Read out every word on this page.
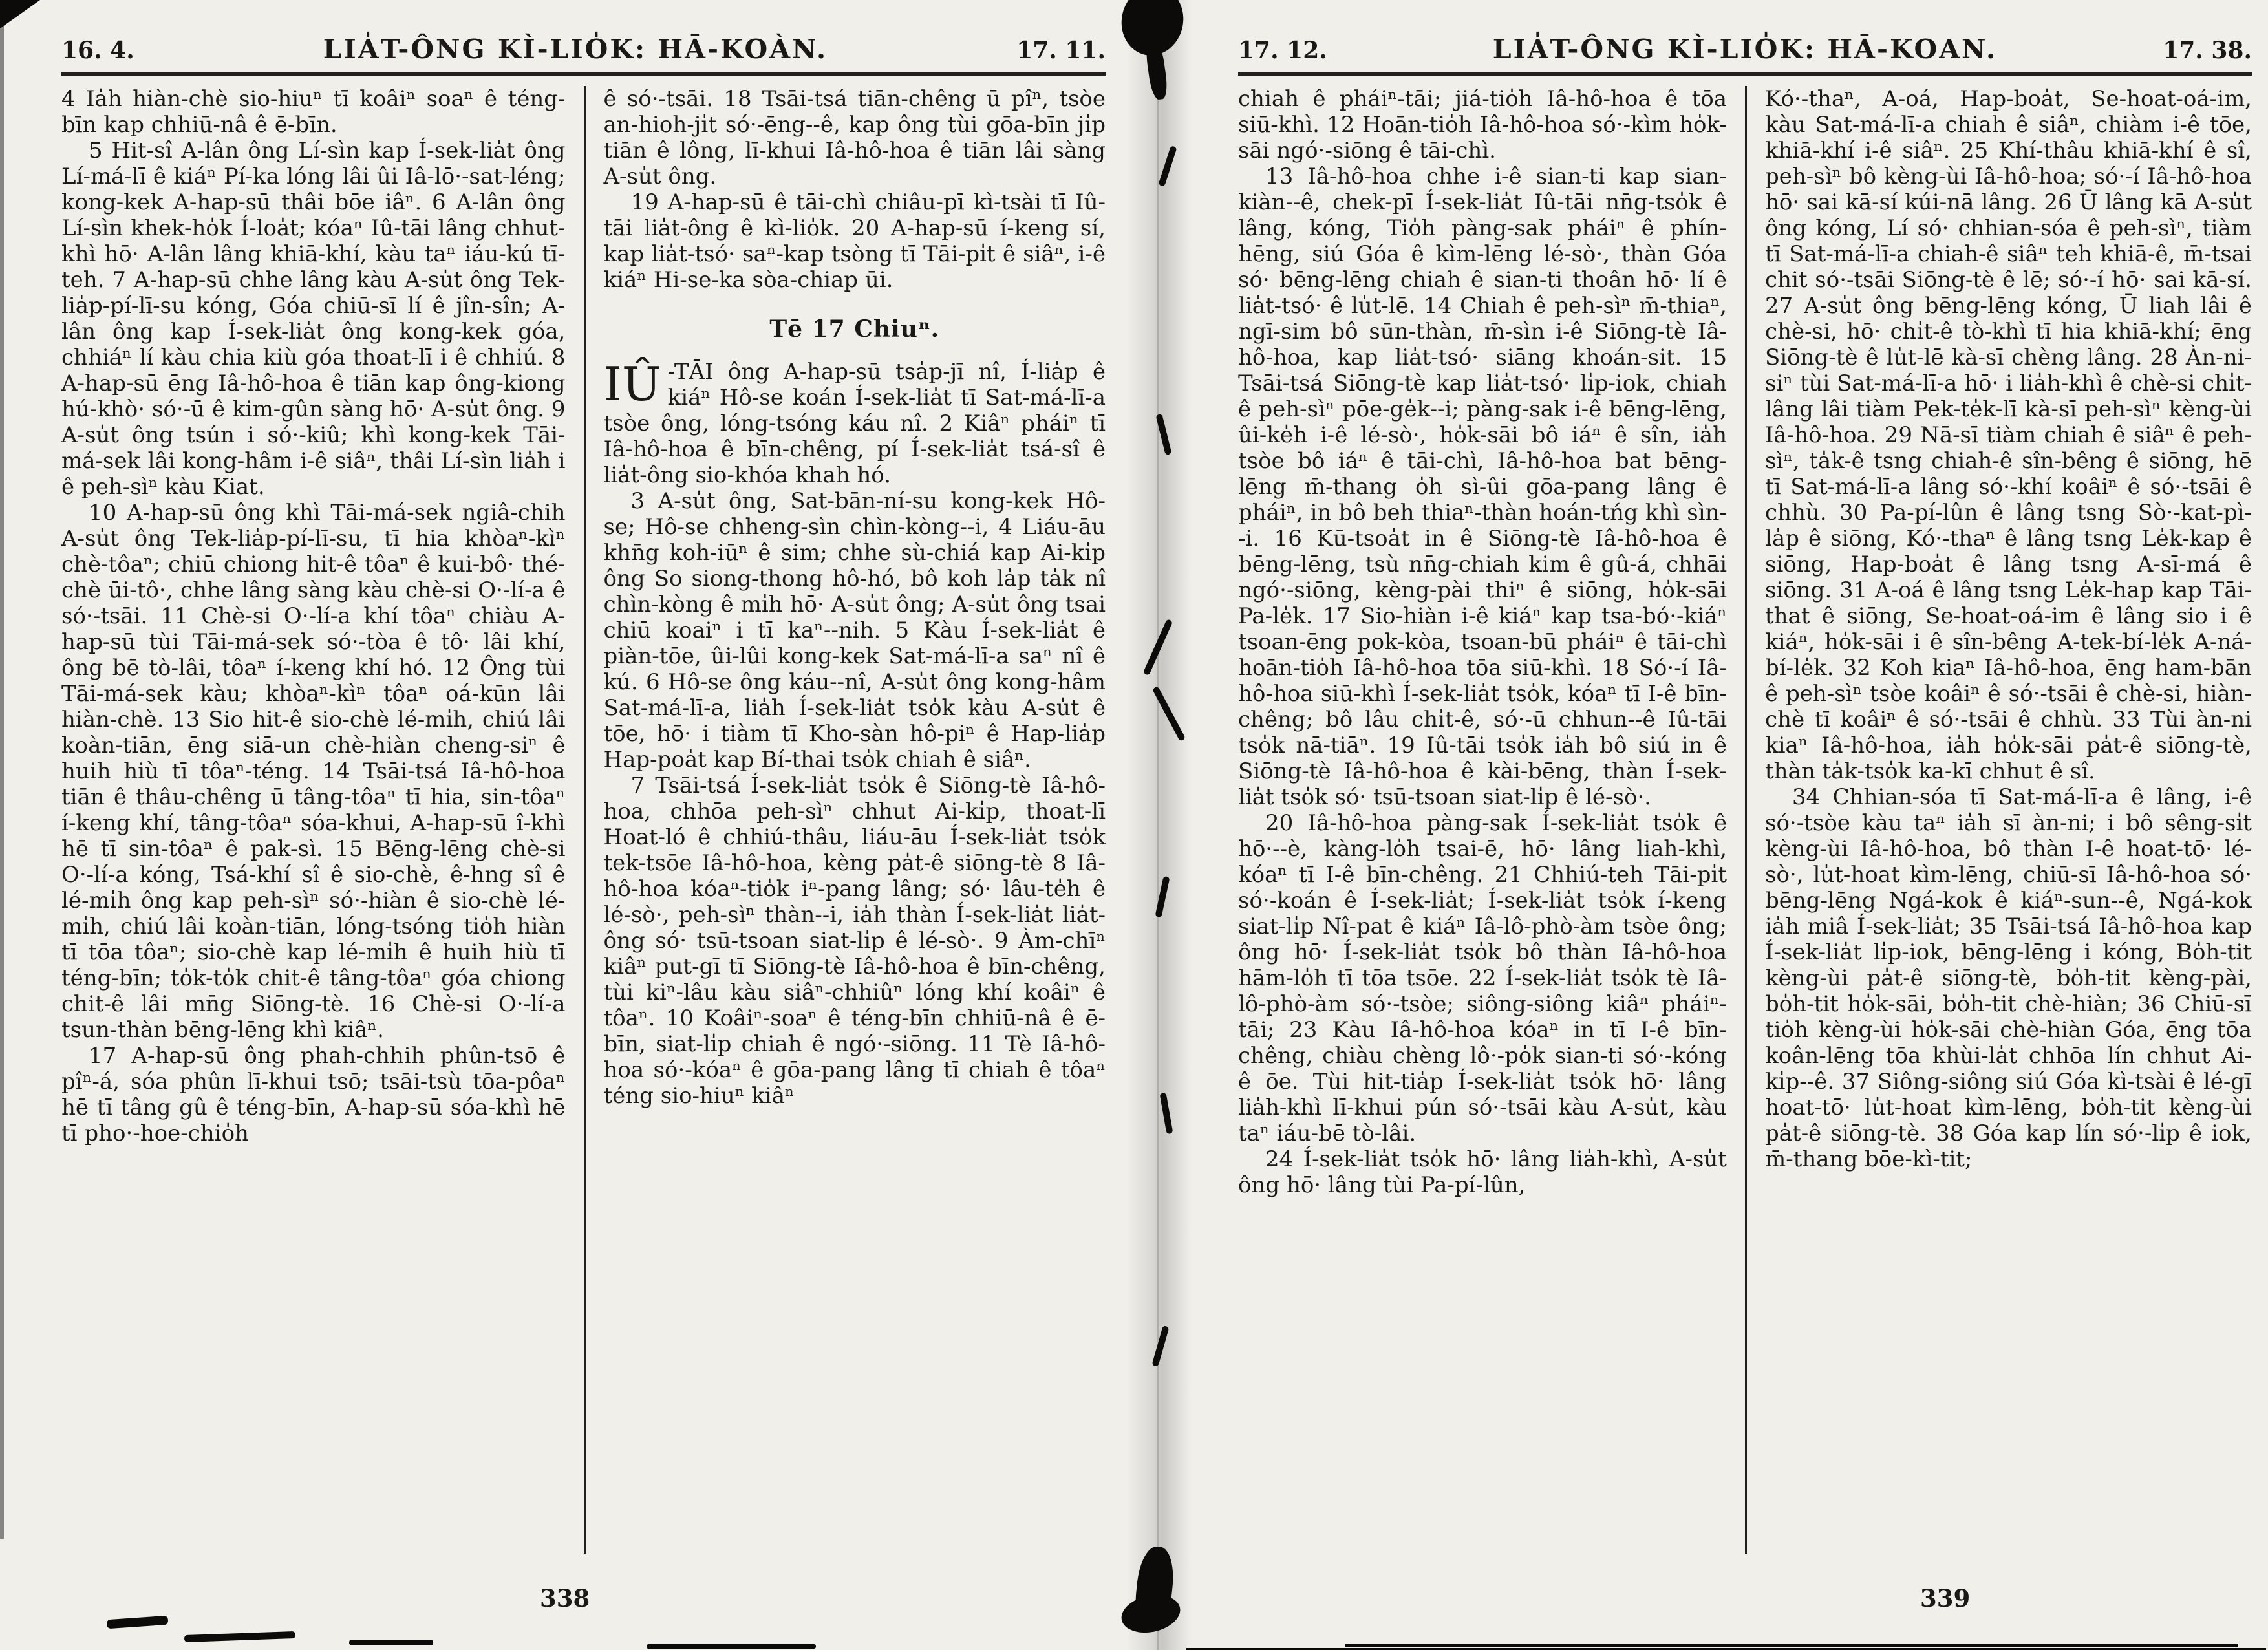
16. 4.	LIA̍T-ÔNG KÌ-LIO̍K: HĀ-KOÀN.	17. 11.

4 Ia̍h hiàn-chè sio-hiuⁿ tī koâiⁿ soaⁿ ê téng-bīn kap chhiū-nâ ê ē-bīn.

5 Hit-sî A-lân ông Lí-sìn kap Í-sek-lia̍t ông Lí-má-lī ê kiáⁿ Pí-ka lóng lâi ûi Iâ-lō·-sat-léng; kong-kek A-hap-sū thâi bōe iâⁿ. 6 A-lân ông Lí-sìn khek-ho̍k Í-loa̍t; kóaⁿ Iû-tāi lâng chhut-khì hō· A-lân lâng khiā-khí, kàu taⁿ iáu-kú tī-teh. 7 A-hap-sū chhe lâng kàu A-su̍t ông Tek-lia̍p-pí-lī-su kóng, Góa chiū-sī lí ê jîn-sîn; A-lân ông kap Í-sek-lia̍t ông kong-kek góa, chhiáⁿ lí kàu chia kiù góa thoat-lī i ê chhiú. 8 A-hap-sū ēng Iâ-hô-hoa ê tiān kap ông-kiong hú-khò· só·-ū ê kim-gûn sàng hō· A-su̍t ông. 9 A-su̍t ông tsún i só·-kiû; khì kong-kek Tāi-má-sek lâi kong-hâm i-ê siâⁿ, thâi Lí-sìn lia̍h i ê peh-sìⁿ kàu Kiat.

10 A-hap-sū ông khì Tāi-má-sek ngiâ-chih A-su̍t ông Tek-lia̍p-pí-lī-su, tī hia khòaⁿ-kìⁿ chè-tôaⁿ; chiū chiong hit-ê tôaⁿ ê kui-bô· thé-chè ūi-tô·, chhe lâng sàng kàu chè-si O·-lí-a ê só·-tsāi. 11 Chè-si O·-lí-a khí tôaⁿ chiàu A-hap-sū tùi Tāi-má-sek só·-tòa ê tô· lâi khí, ông bē tò-lâi, tôaⁿ í-keng khí hó. 12 Ông tùi Tāi-má-sek kàu; khòaⁿ-kìⁿ tôaⁿ oá-kūn lâi hiàn-chè. 13 Sio hit-ê sio-chè lé-mi̍h, chiú lâi koàn-tiān, ēng siā-un chè-hiàn cheng-siⁿ ê huih hiù tī tôaⁿ-téng. 14 Tsāi-tsá Iâ-hô-hoa tiān ê thâu-chêng ū tâng-tôaⁿ tī hia, sin-tôaⁿ í-keng khí, tâng-tôaⁿ sóa-khui, A-hap-sū î-khì hē tī sin-tôaⁿ ê pak-sì. 15 Bēng-lēng chè-si O·-lí-a kóng, Tsá-khí sî ê sio-chè, ê-hng sî ê lé-mi̍h ông kap peh-sìⁿ só·-hiàn ê sio-chè lé-mi̍h, chiú lâi koàn-tiān, lóng-tsóng tio̍h hiàn tī tōa tôaⁿ; sio-chè kap lé-mi̍h ê huih hiù tī téng-bīn; to̍k-to̍k chit-ê tâng-tôaⁿ góa chiong chit-ê lâi mn̄g Siōng-tè. 16 Chè-si O·-lí-a tsun-thàn bēng-lēng khì kiâⁿ.

17 A-hap-sū ông phah-chhih phûn-tsō ê pîⁿ-á, sóa phûn lī-khui tsō; tsāi-tsù tōa-pôaⁿ hē tī tâng gû ê téng-bīn, A-hap-sū sóa-khì hē tī pho·-hoe-chio̍h

ê só·-tsāi. 18 Tsāi-tsá tiān-chêng ū pîⁿ, tsòe an-hioh-ji̍t só·-ēng--ê, kap ông tùi gōa-bīn ji̍p tiān ê lông, lī-khui Iâ-hô-hoa ê tiān lâi sàng A-su̍t ông.

19 A-hap-sū ê tāi-chì chiâu-pī kì-tsài tī Iû-tāi lia̍t-ông ê kì-lio̍k. 20 A-hap-sū í-keng sí, kap lia̍t-tsó· saⁿ-kap tsòng tī Tāi-pi̍t ê siâⁿ, i-ê kiáⁿ Hi-se-ka sòa-chiap ūi.

Tē 17 Chiuⁿ.

IÛ -TĀI ông A-hap-sū tsa̍p-jī nî, Í-lia̍p ê kiáⁿ Hô-se koán Í-sek-lia̍t tī Sat-má-lī-a tsòe ông, lóng-tsóng káu nî. 2 Kiâⁿ pháiⁿ tī Iâ-hô-hoa ê bīn-chêng, pí Í-sek-lia̍t tsá-sî ê lia̍t-ông sio-khóa khah hó.

3 A-su̍t ông, Sat-bān-ní-su kong-kek Hô-se; Hô-se chheng-sìn chìn-kòng--i, 4 Liáu-āu khn̄g koh-iūⁿ ê sim; chhe sù-chiá kap Ai-ki̍p ông So siong-thong hô-hó, bô koh la̍p ta̍k nî chìn-kòng ê mi̍h hō· A-su̍t ông; A-su̍t ông tsai chiū koaiⁿ i tī kaⁿ--nih. 5 Kàu Í-sek-lia̍t ê piàn-tōe, ûi-lûi kong-kek Sat-má-lī-a saⁿ nî ê kú. 6 Hô-se ông káu--nî, A-su̍t ông kong-hâm Sat-má-lī-a, lia̍h Í-sek-lia̍t tso̍k kàu A-su̍t ê tōe, hō· i tiàm tī Kho-sàn hô-piⁿ ê Hap-lia̍p Hap-poa̍t kap Bí-thai tso̍k chiah ê siâⁿ.

7 Tsāi-tsá Í-sek-lia̍t tso̍k ê Siōng-tè Iâ-hô-hoa, chhōa peh-sìⁿ chhut Ai-ki̍p, thoat-lī Hoat-ló ê chhiú-thâu, liáu-āu Í-sek-lia̍t tso̍k tek-tsōe Iâ-hô-hoa, kèng pa̍t-ê siōng-tè 8 Iâ-hô-hoa kóaⁿ-tio̍k iⁿ-pang lâng; só· lâu-te̍h ê lé-sò·, peh-sìⁿ thàn--i, ia̍h thàn Í-sek-lia̍t lia̍t-ông só· tsū-tsoan siat-li̍p ê lé-sò·. 9 Àm-chīⁿ kiâⁿ put-gī tī Siōng-tè Iâ-hô-hoa ê bīn-chêng, tùi kiⁿ-lâu kàu siâⁿ-chhiûⁿ lóng khí koâiⁿ ê tôaⁿ. 10 Koâiⁿ-soaⁿ ê téng-bīn chhiū-nâ ê ē-bīn, siat-li̍p chiah ê ngó·-siōng. 11 Tè Iâ-hô-hoa só·-kóaⁿ ê gōa-pang lâng tī chiah ê tôaⁿ téng sio-hiuⁿ kiâⁿ

338
17. 12.	LIA̍T-ÔNG KÌ-LIO̍K: HĀ-KOAN.	17. 38.

chiah ê pháiⁿ-tāi; jiá-tio̍h Iâ-hô-hoa ê tōa siū-khì. 12 Hoān-tio̍h Iâ-hô-hoa só·-kìm ho̍k-sāi ngó·-siōng ê tāi-chì.

13 Iâ-hô-hoa chhe i-ê sian-ti kap sian-kiàn--ê, chek-pī Í-sek-lia̍t Iû-tāi nn̄g-tso̍k ê lâng, kóng, Tio̍h pàng-sak pháiⁿ ê phín-hēng, siú Góa ê kìm-lēng lé-sò·, thàn Góa só· bēng-lēng chiah ê sian-ti thoân hō· lí ê lia̍t-tsó· ê lu̍t-lē. 14 Chiah ê peh-sìⁿ m̄-thiaⁿ, ngī-sim bô sūn-thàn, m̄-sìn i-ê Siōng-tè Iâ-hô-hoa, kap lia̍t-tsó· siāng khoán-sit. 15 Tsāi-tsá Siōng-tè kap lia̍t-tsó· li̍p-iok, chiah ê peh-sìⁿ pōe-ge̍k--i; pàng-sak i-ê bēng-lēng, ûi-ke̍h i-ê lé-sò·, ho̍k-sāi bô iáⁿ ê sîn, ia̍h tsòe bô iáⁿ ê tāi-chì, Iâ-hô-hoa bat bēng-lēng m̄-thang o̍h sì-ûi gōa-pang lâng ê pháiⁿ, in bô beh thiaⁿ-thàn hoán-tńg khì sìn--i. 16 Kū-tsoa̍t in ê Siōng-tè Iâ-hô-hoa ê bēng-lēng, tsù nn̄g-chiah kim ê gû-á, chhāi ngó·-siōng, kèng-pài thiⁿ ê siōng, ho̍k-sāi Pa-le̍k. 17 Sio-hiàn i-ê kiáⁿ kap tsa-bó·-kiáⁿ tsoan-ēng pok-kòa, tsoan-bū pháiⁿ ê tāi-chì hoān-tio̍h Iâ-hô-hoa tōa siū-khì. 18 Só·-í Iâ-hô-hoa siū-khì Í-sek-lia̍t tso̍k, kóaⁿ tī I-ê bīn-chêng; bô lâu chi̍t-ê, só·-ū chhun--ê Iû-tāi tso̍k nā-tiāⁿ. 19 Iû-tāi tso̍k ia̍h bô siú in ê Siōng-tè Iâ-hô-hoa ê kài-bēng, thàn Í-sek-lia̍t tso̍k só· tsū-tsoan siat-li̍p ê lé-sò·.

20 Iâ-hô-hoa pàng-sak Í-sek-lia̍t tso̍k ê hō·--è, kàng-lo̍h tsai-ē, hō· lâng liah-khì, kóaⁿ tī I-ê bīn-chêng. 21 Chhiú-teh Tāi-pi̍t só·-koán ê Í-sek-lia̍t; Í-sek-lia̍t tso̍k í-keng siat-li̍p Nî-pat ê kiáⁿ Iâ-lô-phò-àm tsòe ông; ông hō· Í-sek-lia̍t tso̍k bô thàn Iâ-hô-hoa hām-lo̍h tī tōa tsōe. 22 Í-sek-lia̍t tso̍k tè Iâ-lô-phò-àm só·-tsòe; siông-siông kiâⁿ pháiⁿ-tāi; 23 Kàu Iâ-hô-hoa kóaⁿ in tī I-ê bīn-chêng, chiàu chèng lô·-po̍k sian-ti só·-kóng ê ōe. Tùi hit-tia̍p Í-sek-lia̍t tso̍k hō· lâng lia̍h-khì lī-khui pún só·-tsāi kàu A-su̍t, kàu taⁿ iáu-bē tò-lâi.

24 Í-sek-lia̍t tso̍k hō· lâng lia̍h-khì, A-su̍t ông hō· lâng tùi Pa-pí-lûn,

Kó·-thaⁿ, A-oá, Hap-boa̍t, Se-hoat-oá-im, kàu Sat-má-lī-a chiah ê siâⁿ, chiàm i-ê tōe, khiā-khí i-ê siâⁿ. 25 Khí-thâu khiā-khí ê sî, peh-sìⁿ bô kèng-ùi Iâ-hô-hoa; só·-í Iâ-hô-hoa hō· sai kā-sí kúi-nā lâng. 26 Ū lâng kā A-su̍t ông kóng, Lí só· chhian-sóa ê peh-sìⁿ, tiàm tī Sat-má-lī-a chiah-ê siâⁿ teh khiā-ê, m̄-tsai chit só·-tsāi Siōng-tè ê lē; só·-í hō· sai kā-sí. 27 A-su̍t ông bēng-lēng kóng, Ū liah lâi ê chè-si, hō· chi̍t-ê tò-khì tī hia khiā-khí; ēng Siōng-tè ê lu̍t-lē kà-sī chèng lâng. 28 Àn-ni-siⁿ tùi Sat-má-lī-a hō· i lia̍h-khì ê chè-si chi̍t-lâng lâi tiàm Pek-te̍k-lī kà-sī peh-sìⁿ kèng-ùi Iâ-hô-hoa. 29 Nā-sī tiàm chiah ê siâⁿ ê peh-sìⁿ, ta̍k-ê tsng chiah-ê sîn-bêng ê siōng, hē tī Sat-má-lī-a lâng só·-khí koâiⁿ ê só·-tsāi ê chhù. 30 Pa-pí-lûn ê lâng tsng Sò·-kat-pì-la̍p ê siōng, Kó·-thaⁿ ê lâng tsng Le̍k-kap ê siōng, Hap-boa̍t ê lâng tsng A-sī-má ê siōng. 31 A-oá ê lâng tsng Le̍k-hap kap Tāi-that ê siōng, Se-hoat-oá-im ê lâng sio i ê kiáⁿ, ho̍k-sāi i ê sîn-bêng A-tek-bí-le̍k A-ná-bí-le̍k. 32 Koh kiaⁿ Iâ-hô-hoa, ēng ham-bān ê peh-sìⁿ tsòe koâiⁿ ê só·-tsāi ê chè-si, hiàn-chè tī koâiⁿ ê só·-tsāi ê chhù. 33 Tùi àn-ni kiaⁿ Iâ-hô-hoa, ia̍h ho̍k-sāi pa̍t-ê siōng-tè, thàn ta̍k-tso̍k ka-kī chhut ê sî.

34 Chhian-sóa tī Sat-má-lī-a ê lâng, i-ê só·-tsòe kàu taⁿ ia̍h sī àn-ni; i bô sêng-si̍t kèng-ùi Iâ-hô-hoa, bô thàn I-ê hoat-tō· lé-sò·, lu̍t-hoat kìm-lēng, chiū-sī Iâ-hô-hoa só· bēng-lēng Ngá-kok ê kiáⁿ-sun--ê, Ngá-kok ia̍h miâ Í-sek-lia̍t; 35 Tsāi-tsá Iâ-hô-hoa kap Í-sek-lia̍t li̍p-iok, bēng-lēng i kóng, Bo̍h-tit kèng-ùi pa̍t-ê siōng-tè, bo̍h-tit kèng-pài, bo̍h-tit ho̍k-sāi, bo̍h-tit chè-hiàn; 36 Chiū-sī tio̍h kèng-ùi ho̍k-sāi chè-hiàn Góa, ēng tōa koân-lēng tōa khùi-la̍t chhōa lín chhut Ai-ki̍p--ê. 37 Siông-siông siú Góa kì-tsài ê lé-gī hoat-tō· lu̍t-hoat kìm-lēng, bo̍h-tit kèng-ùi pa̍t-ê siōng-tè. 38 Góa kap lín só·-li̍p ê iok, m̄-thang bōe-kì-tit;

339
